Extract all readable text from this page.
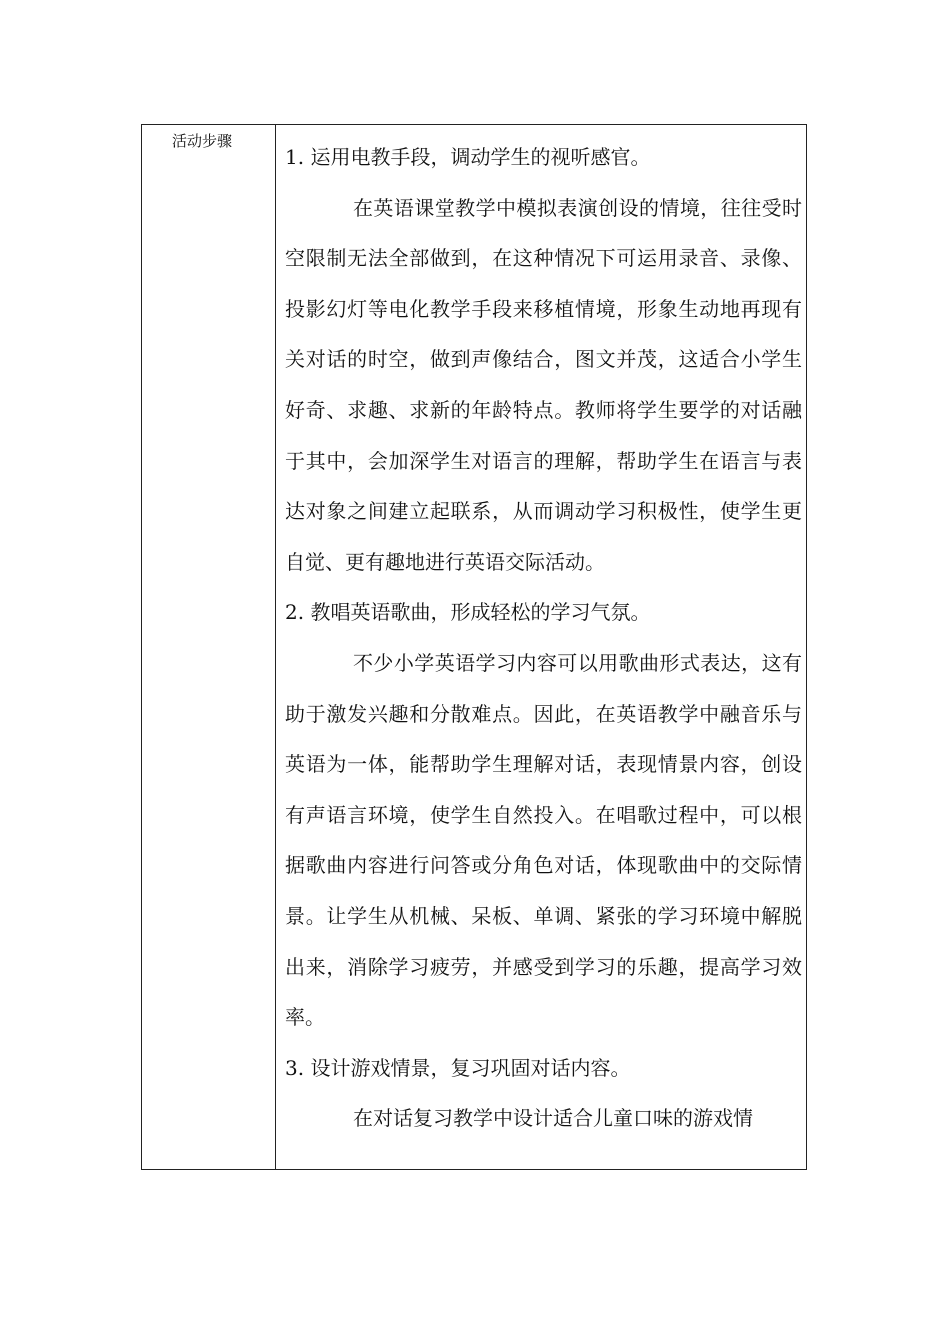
活动步骤

1. 运用电教手段，调动学生的视听感官。

在英语课堂教学中模拟表演创设的情境，往往受时空限制无法全部做到，在这种情况下可运用录音、录像、投影幻灯等电化教学手段来移植情境，形象生动地再现有关对话的时空，做到声像结合，图文并茂，这适合小学生好奇、求趣、求新的年龄特点。教师将学生要学的对话融于其中，会加深学生对语言的理解，帮助学生在语言与表达对象之间建立起联系，从而调动学习积极性，使学生更自觉、更有趣地进行英语交际活动。

2. 教唱英语歌曲，形成轻松的学习气氛。

不少小学英语学习内容可以用歌曲形式表达，这有助于激发兴趣和分散难点。因此，在英语教学中融音乐与英语为一体，能帮助学生理解对话，表现情景内容，创设有声语言环境，使学生自然投入。在唱歌过程中，可以根据歌曲内容进行问答或分角色对话，体现歌曲中的交际情景。让学生从机械、呆板、单调、紧张的学习环境中解脱出来，消除学习疲劳，并感受到学习的乐趣，提高学习效率。

3. 设计游戏情景，复习巩固对话内容。

在对话复习教学中设计适合儿童口味的游戏情
